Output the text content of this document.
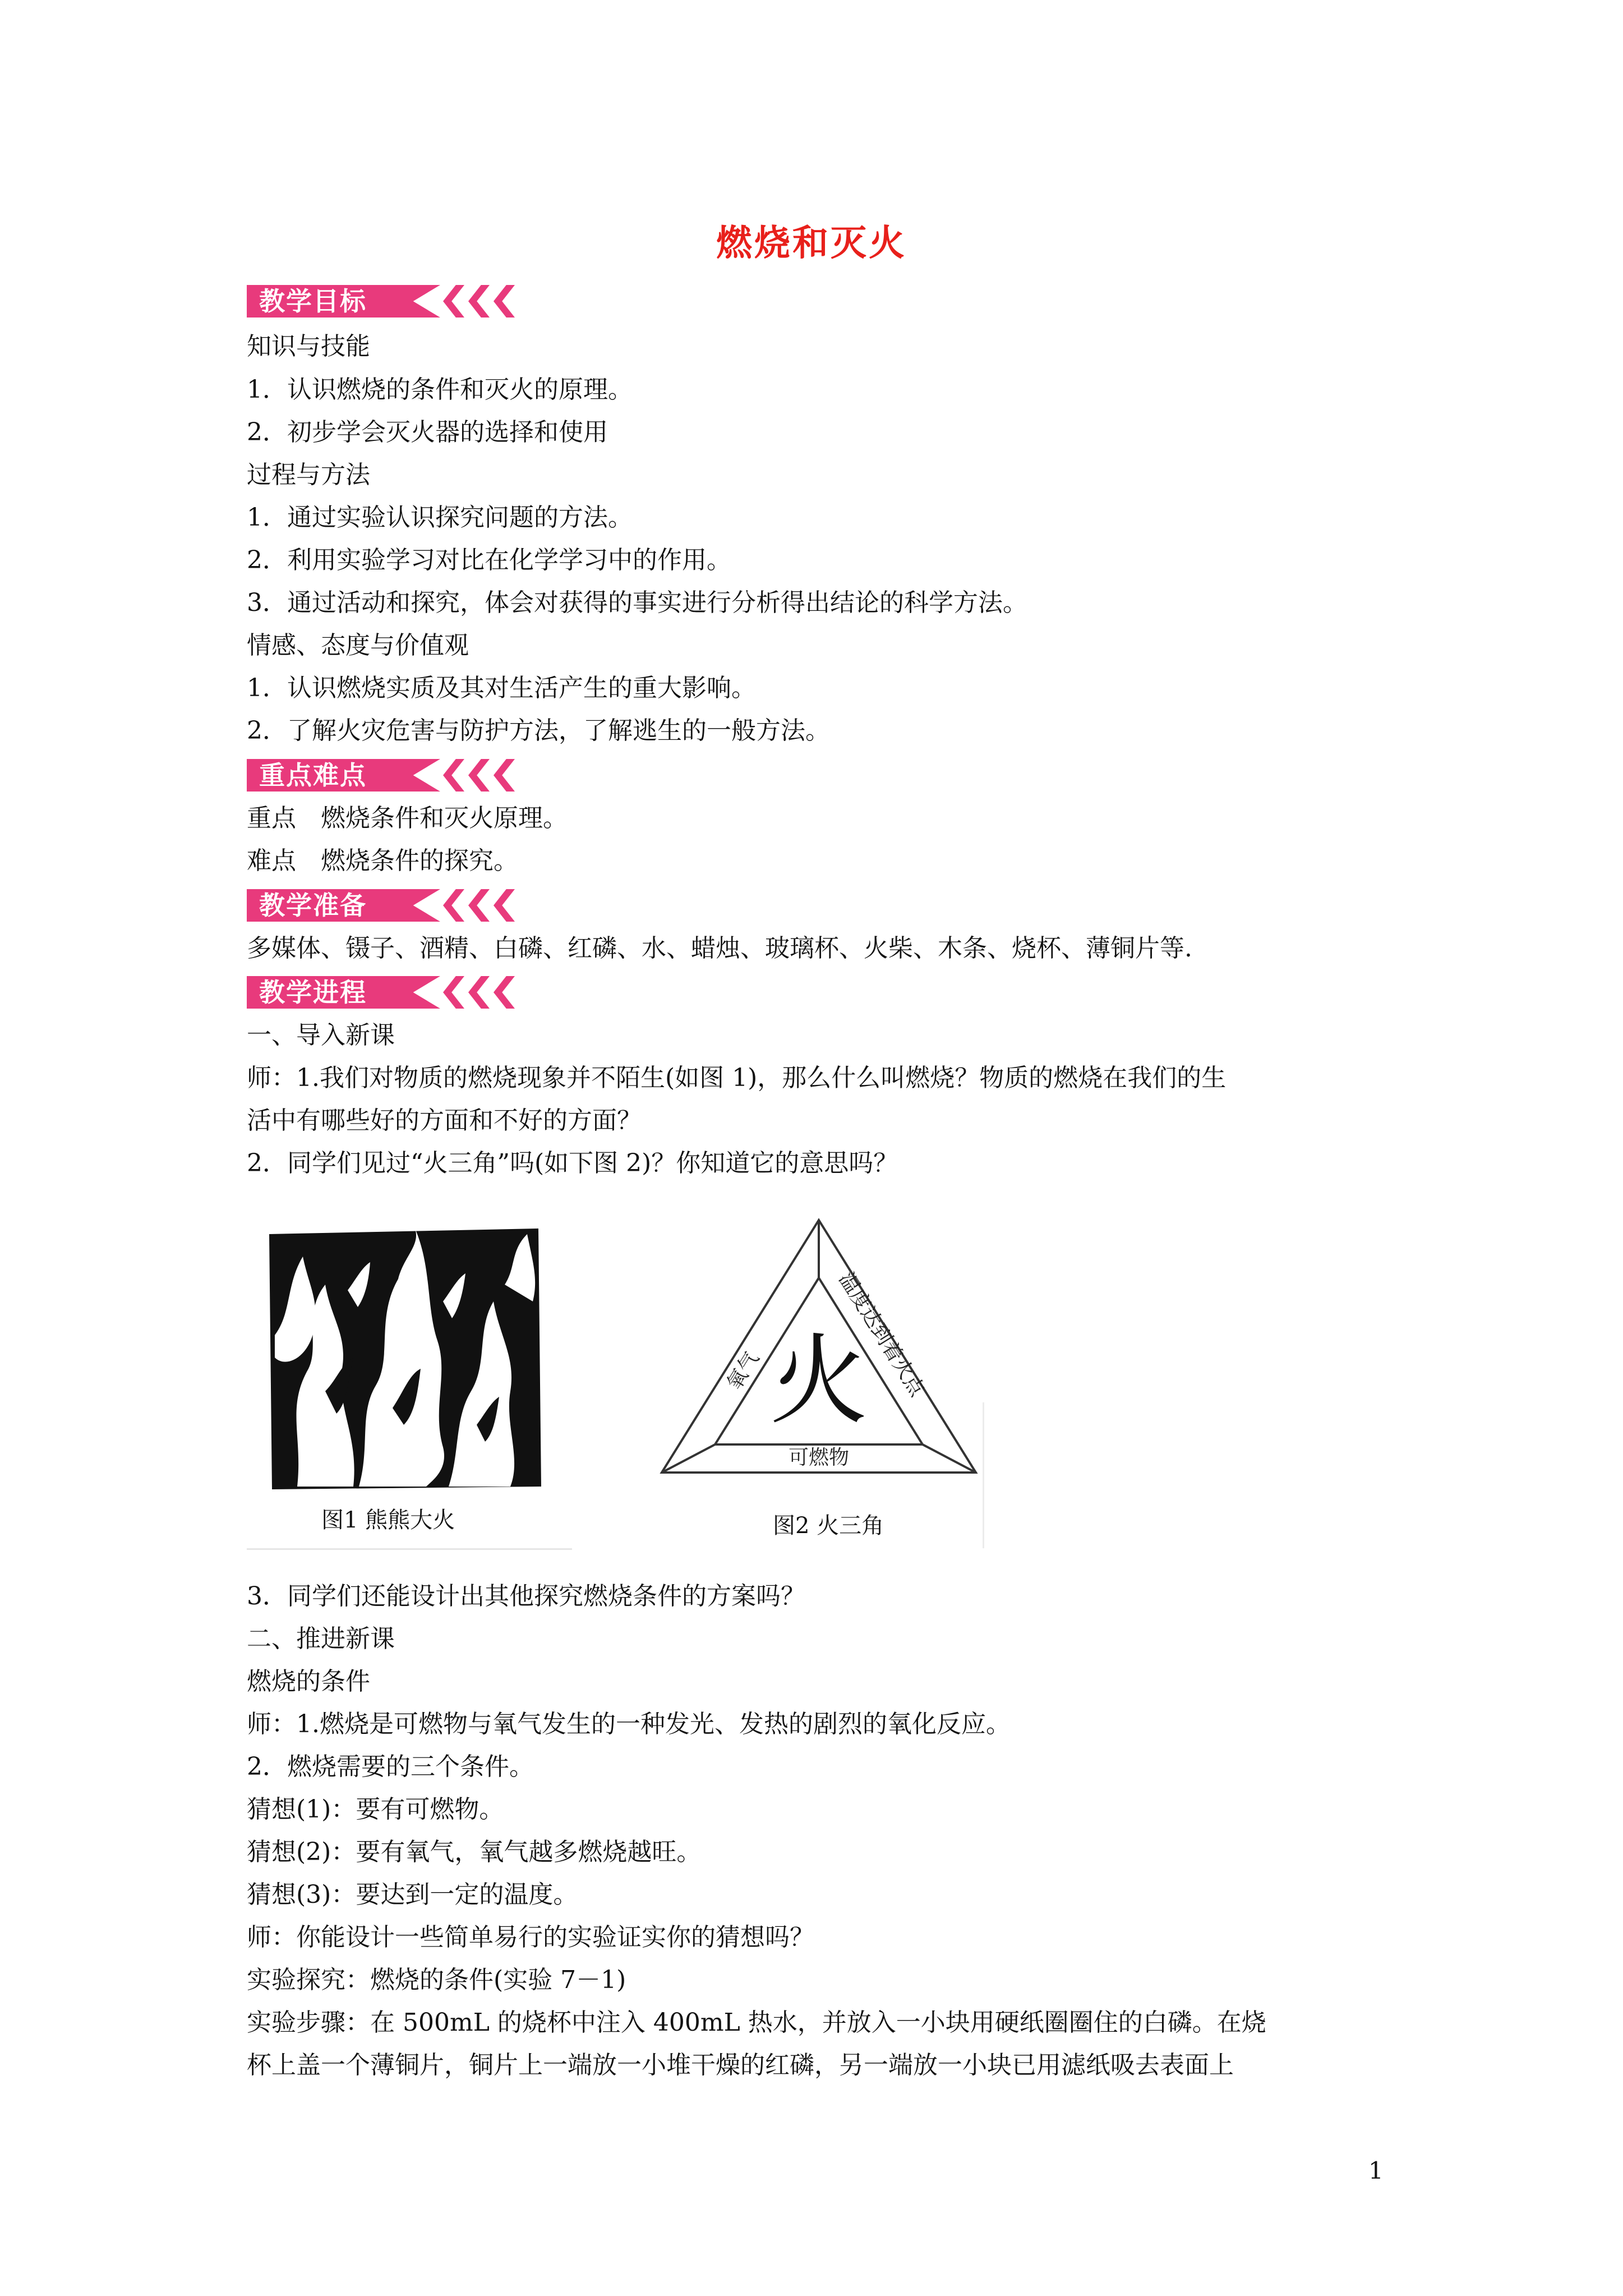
燃烧和灭火
教学目标
知识与技能
1．认识燃烧的条件和灭火的原理。
2．初步学会灭火器的选择和使用
过程与方法
1．通过实验认识探究问题的方法。
2．利用实验学习对比在化学学习中的作用。
3．通过活动和探究，体会对获得的事实进行分析得出结论的科学方法。
情感、态度与价值观
1．认识燃烧实质及其对生活产生的重大影响。
2．了解火灾危害与防护方法，了解逃生的一般方法。
重点难点
重点　燃烧条件和灭火原理。
难点　燃烧条件的探究。
教学准备
多媒体、镊子、酒精、白磷、红磷、水、蜡烛、玻璃杯、火柴、木条、烧杯、薄铜片等.
教学进程
一、导入新课
师：1.我们对物质的燃烧现象并不陌生(如图 1)，那么什么叫燃烧？物质的燃烧在我们的生
活中有哪些好的方面和不好的方面？
2．同学们见过“火三角”吗(如下图 2)？你知道它的意思吗？
图1 熊熊大火
火
氧气	温度达到着火点
可燃物
图2 火三角
3．同学们还能设计出其他探究燃烧条件的方案吗？
二、推进新课
燃烧的条件
师：1.燃烧是可燃物与氧气发生的一种发光、发热的剧烈的氧化反应。
2．燃烧需要的三个条件。
猜想(1)：要有可燃物。
猜想(2)：要有氧气，氧气越多燃烧越旺。
猜想(3)：要达到一定的温度。
师：你能设计一些简单易行的实验证实你的猜想吗？
实验探究：燃烧的条件(实验 7－1)
实验步骤：在 500mL 的烧杯中注入 400mL 热水，并放入一小块用硬纸圈圈住的白磷。在烧
杯上盖一个薄铜片，铜片上一端放一小堆干燥的红磷，另一端放一小块已用滤纸吸去表面上
1
